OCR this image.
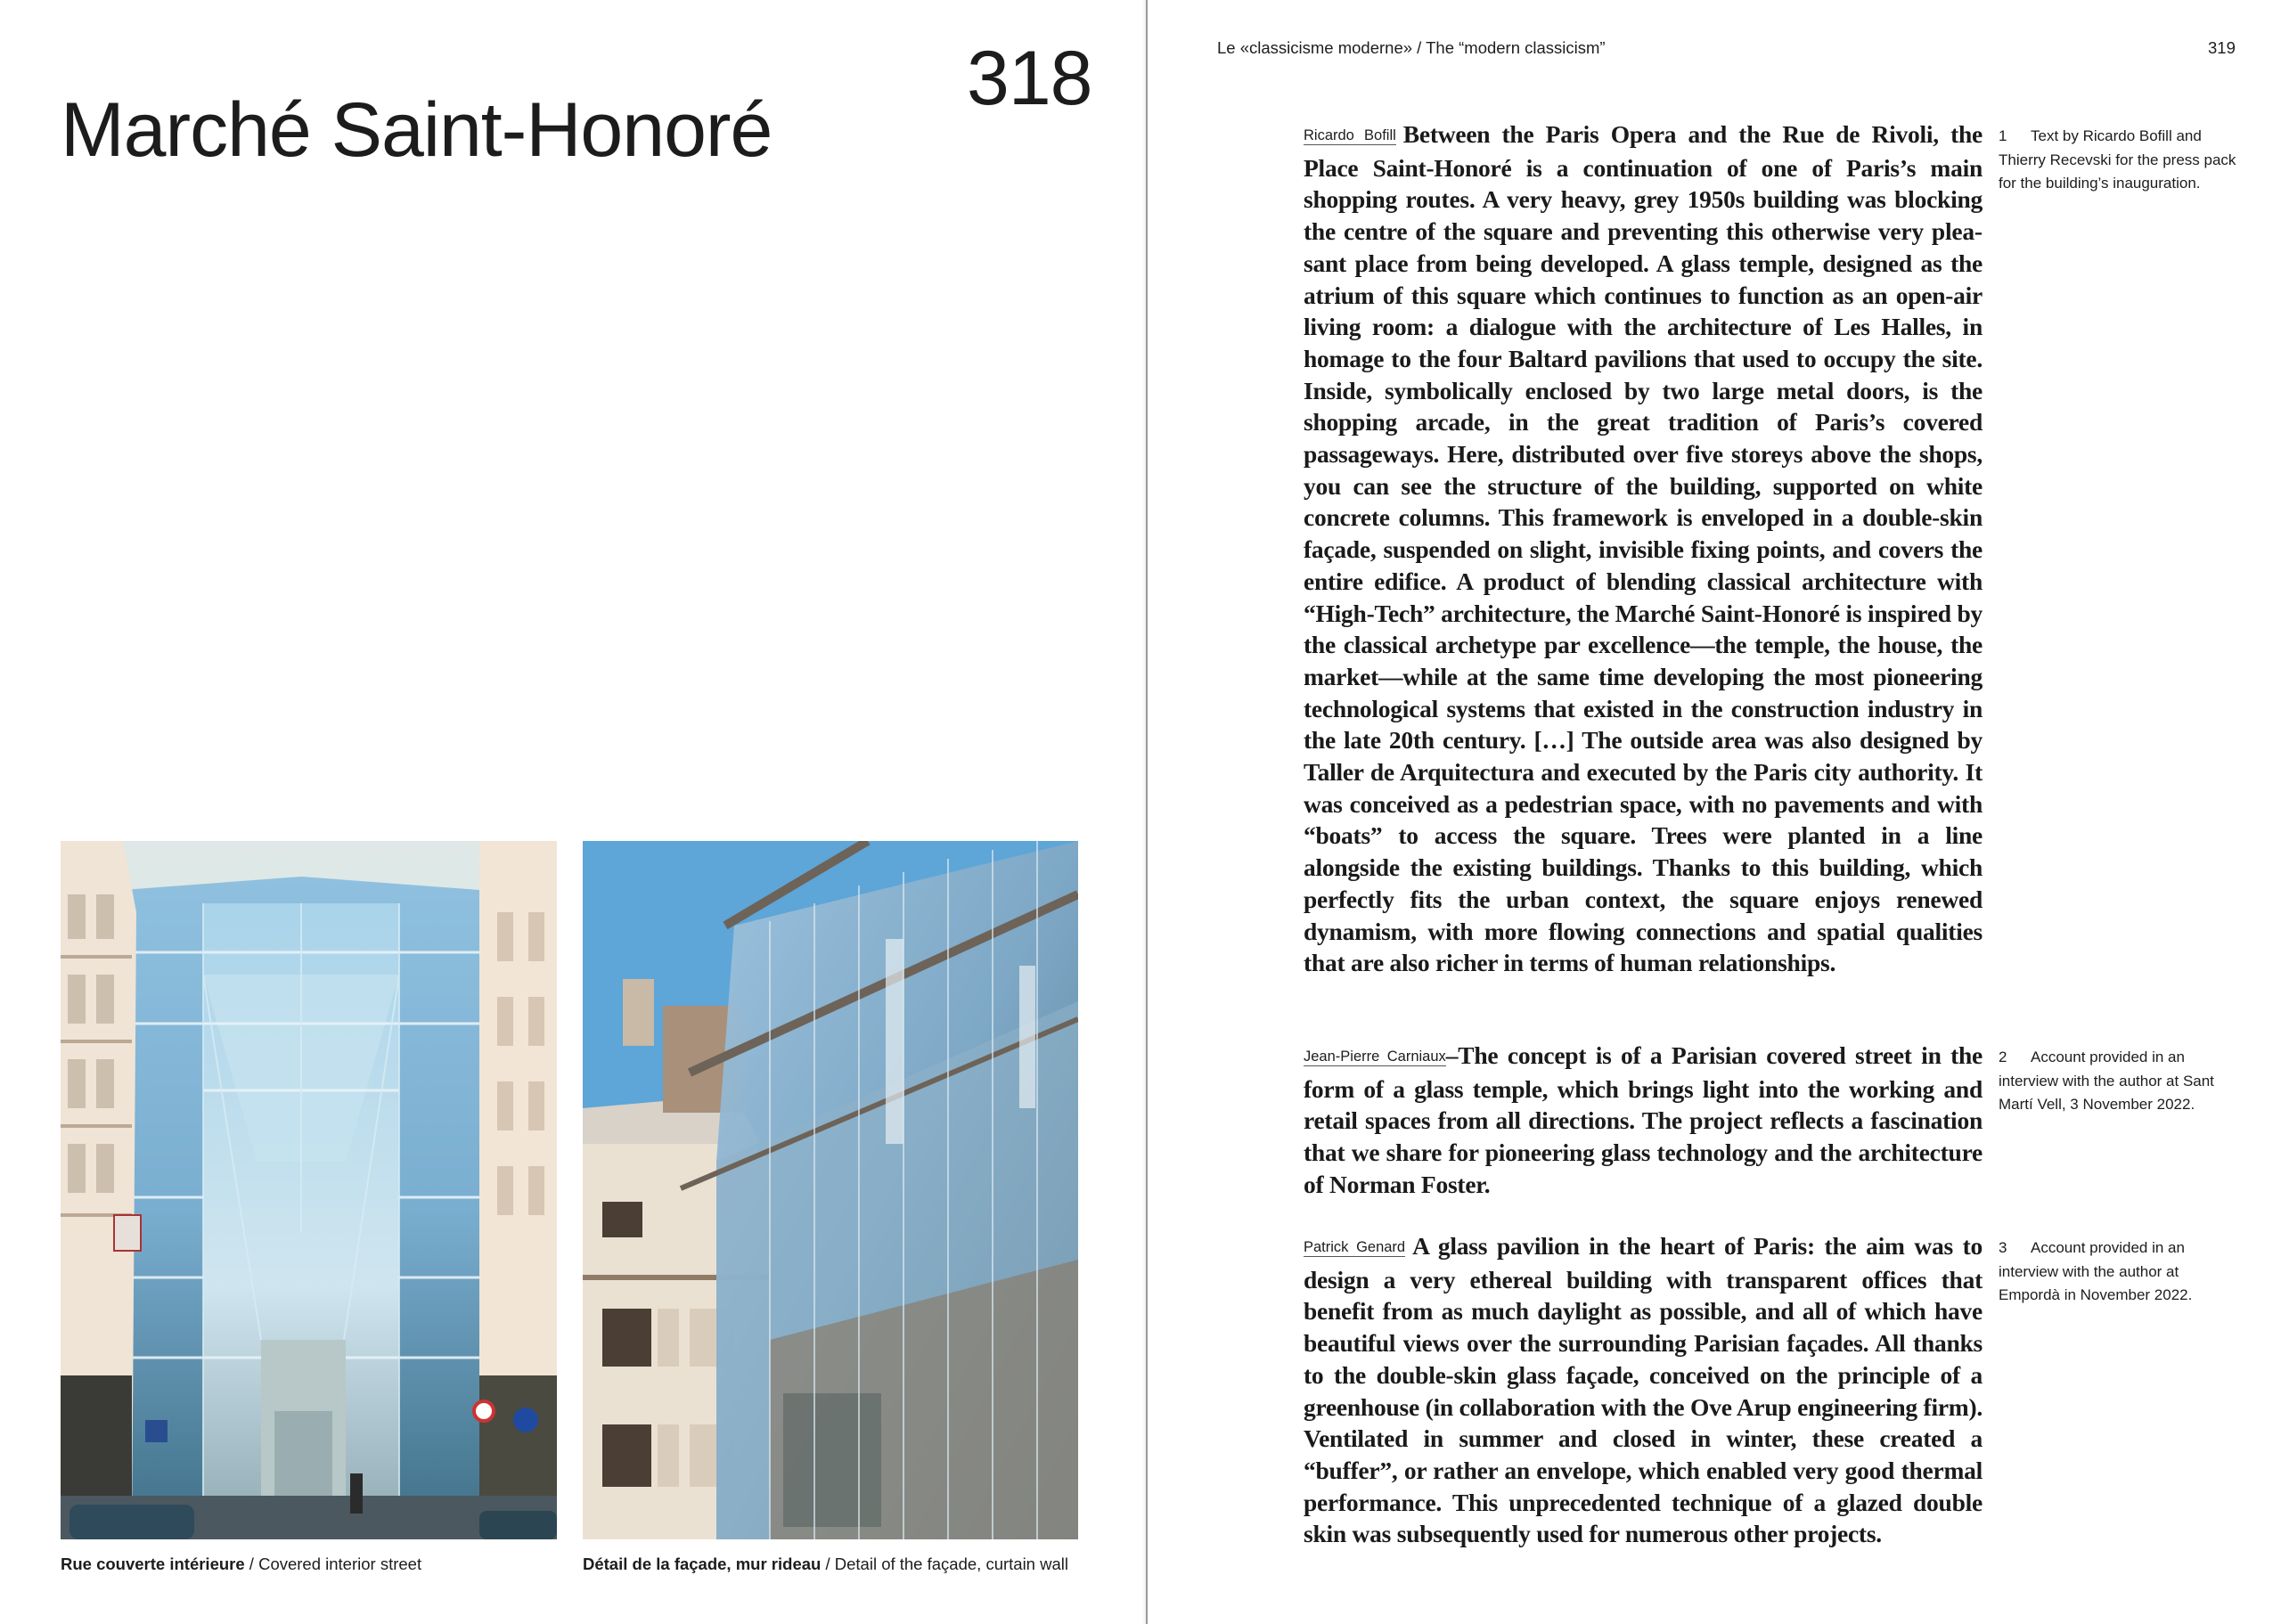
Marché Saint-Honoré
318
Rue couverte intérieure / Covered interior street	Détail de la façade, mur rideau / Detail of the façade, curtain wall
Le «classicisme moderne» / The “modern classicism”	319
Ricardo Bofill Between the Paris Opera and the Rue de Rivoli, the Place Saint-Honoré is a continuation of one of Paris’s main shopping routes. A very heavy, grey 1950s building was blocking the centre of the square and preventing this otherwise very pleasant place from being developed. A glass temple, designed as the atrium of this square which continues to function as an open-air living room: a dialogue with the architecture of Les Halles, in homage to the four Baltard pavilions that used to occupy the site. Inside, symbolically enclosed by two large metal doors, is the shopping arcade, in the great tradition of Paris’s covered passageways. Here, distributed over five storeys above the shops, you can see the structure of the building, supported on white concrete columns. This framework is enveloped in a double-skin façade, suspended on slight, invisible fixing points, and covers the entire edifice. A product of blending classical architecture with “High-Tech” architecture, the Marché Saint-Honoré is inspired by the classical archetype par excellence—the temple, the house, the market—while at the same time developing the most pioneering technological systems that existed in the construction industry in the late 20th century. […] The outside area was also designed by Taller de Arquitectura and executed by the Paris city authority. It was conceived as a pedestrian space, with no pavements and with “boats” to access the square. Trees were planted in a line alongside the existing buildings. Thanks to this building, which perfectly fits the urban context, the square enjoys renewed dynamism, with more flowing connections and spatial qualities that are also richer in terms of human relationships.
1 Text by Ricardo Bofill and Thierry Recevski for the press pack for the building’s inauguration.
Jean-Pierre Carniaux–The concept is of a Parisian covered street in the form of a glass temple, which brings light into the working and retail spaces from all directions. The project reflects a fascination that we share for pioneering glass technology and the architecture of Norman Foster.
2 Account provided in an interview with the author at Sant Martí Vell, 3 November 2022.
Patrick Genard A glass pavilion in the heart of Paris: the aim was to design a very ethereal building with transparent offices that benefit from as much daylight as possible, and all of which have beautiful views over the surrounding Parisian façades. All thanks to the double-skin glass façade, conceived on the principle of a greenhouse (in collaboration with the Ove Arup engineering firm). Ventilated in summer and closed in winter, these created a “buffer”, or rather an envelope, which enabled very good thermal performance. This unprecedented technique of a glazed double skin was subsequently used for numerous other projects.
3 Account provided in an interview with the author at Empordà in November 2022.
